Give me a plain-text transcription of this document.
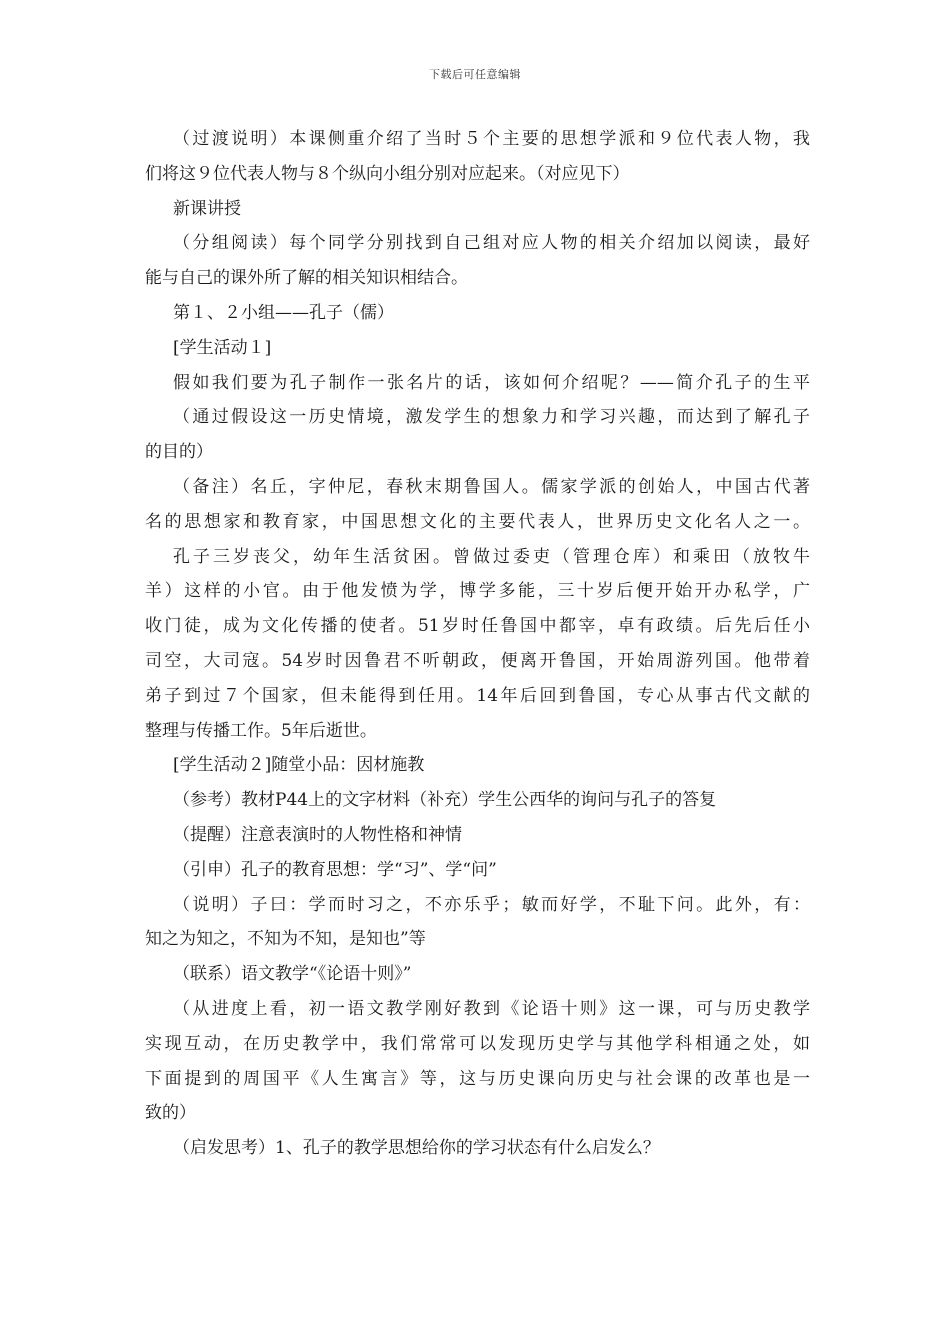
下载后可任意编辑
（过渡说明）本课侧重介绍了当时５个主要的思想学派和９位代表人物，我
们将这９位代表人物与８个纵向小组分别对应起来。（对应见下）
新课讲授
（分组阅读）每个同学分别找到自己组对应人物的相关介绍加以阅读，最好
能与自己的课外所了解的相关知识相结合。
第１、２小组——孔子（儒）
[学生活动１]
假如我们要为孔子制作一张名片的话，该如何介绍呢？——简介孔子的生平
（通过假设这一历史情境，激发学生的想象力和学习兴趣，而达到了解孔子
的目的）
（备注）名丘，字仲尼，春秋末期鲁国人。儒家学派的创始人，中国古代著
名的思想家和教育家，中国思想文化的主要代表人，世界历史文化名人之一。
孔子三岁丧父，幼年生活贫困。曾做过委吏（管理仓库）和乘田（放牧牛
羊）这样的小官。由于他发愤为学，博学多能，三十岁后便开始开办私学，广
收门徒，成为文化传播的使者。51岁时任鲁国中都宰，卓有政绩。后先后任小
司空，大司寇。54岁时因鲁君不听朝政，便离开鲁国，开始周游列国。他带着
弟子到过７个国家，但未能得到任用。14年后回到鲁国，专心从事古代文献的
整理与传播工作。5年后逝世。
[学生活动２]随堂小品：因材施教
（参考）教材P44上的文字材料（补充）学生公西华的询问与孔子的答复
（提醒）注意表演时的人物性格和神情
（引申）孔子的教育思想：学“习”、学“问”
（说明）子曰：学而时习之，不亦乐乎；敏而好学，不耻下问。此外，有：
知之为知之，不知为不知，是知也”等
（联系）语文教学“《论语十则》”
（从进度上看，初一语文教学刚好教到《论语十则》这一课，可与历史教学
实现互动，在历史教学中，我们常常可以发现历史学与其他学科相通之处，如
下面提到的周国平《人生寓言》等，这与历史课向历史与社会课的改革也是一
致的）
（启发思考）1、孔子的教学思想给你的学习状态有什么启发么？
